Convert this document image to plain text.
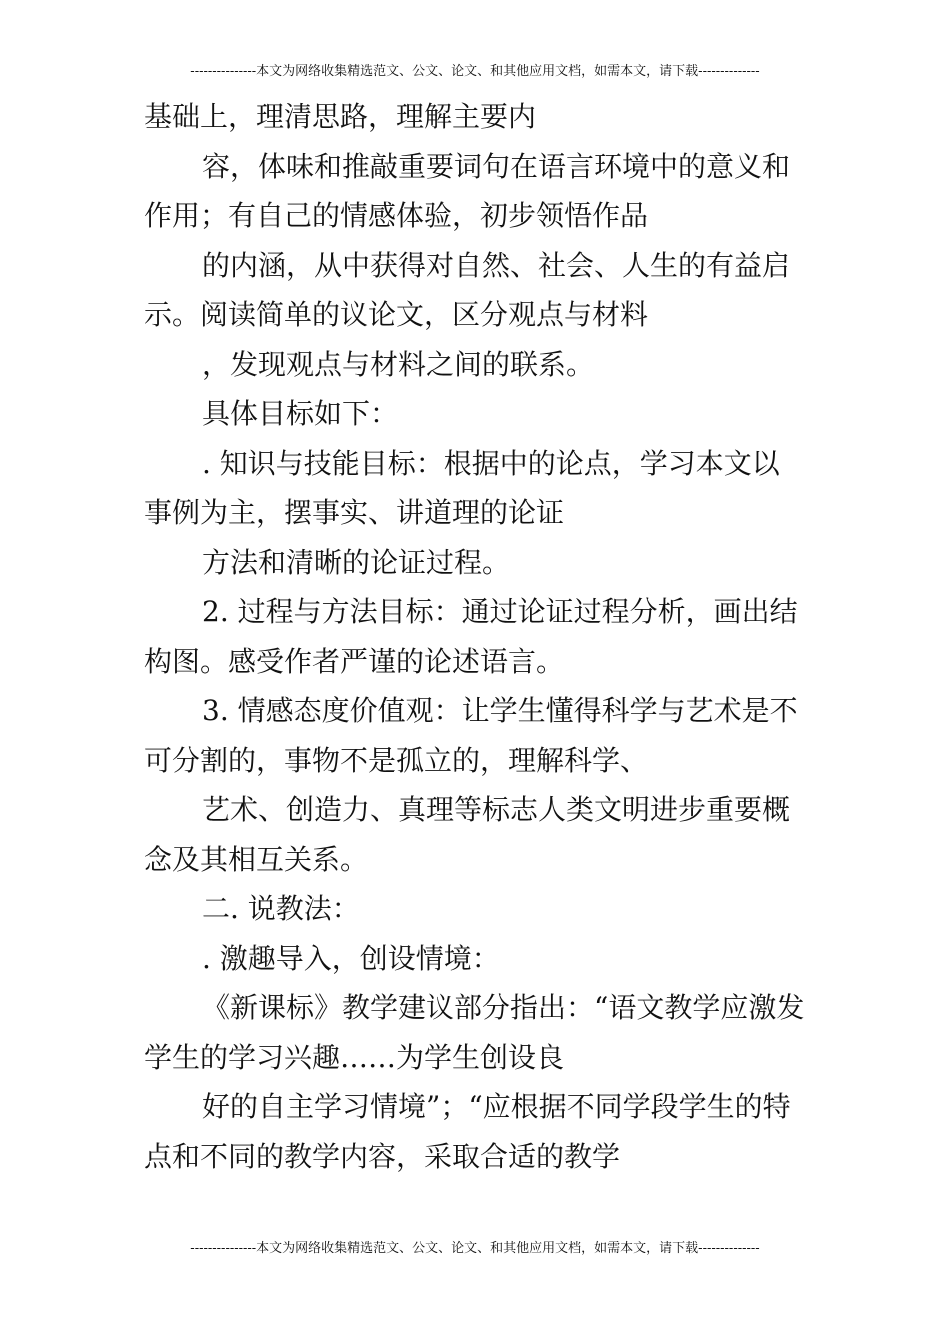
---------------本文为网络收集精选范文、公文、论文、和其他应用文档，如需本文，请下载--------------
基础上，理清思路，理解主要内
容，体味和推敲重要词句在语言环境中的意义和
作用；有自己的情感体验，初步领悟作品
的内涵，从中获得对自然、社会、人生的有益启
示。阅读简单的议论文，区分观点与材料
，发现观点与材料之间的联系。
具体目标如下：
. 知识与技能目标：根据中的论点，学习本文以
事例为主，摆事实、讲道理的论证
方法和清晰的论证过程。
2. 过程与方法目标：通过论证过程分析，画出结
构图。感受作者严谨的论述语言。
3. 情感态度价值观：让学生懂得科学与艺术是不
可分割的，事物不是孤立的，理解科学、
艺术、创造力、真理等标志人类文明进步重要概
念及其相互关系。
二. 说教法：
. 激趣导入，创设情境：
《新课标》教学建议部分指出：“语文教学应激发
学生的学习兴趣……为学生创设良
好的自主学习情境”；“应根据不同学段学生的特
点和不同的教学内容，采取合适的教学
---------------本文为网络收集精选范文、公文、论文、和其他应用文档，如需本文，请下载--------------
